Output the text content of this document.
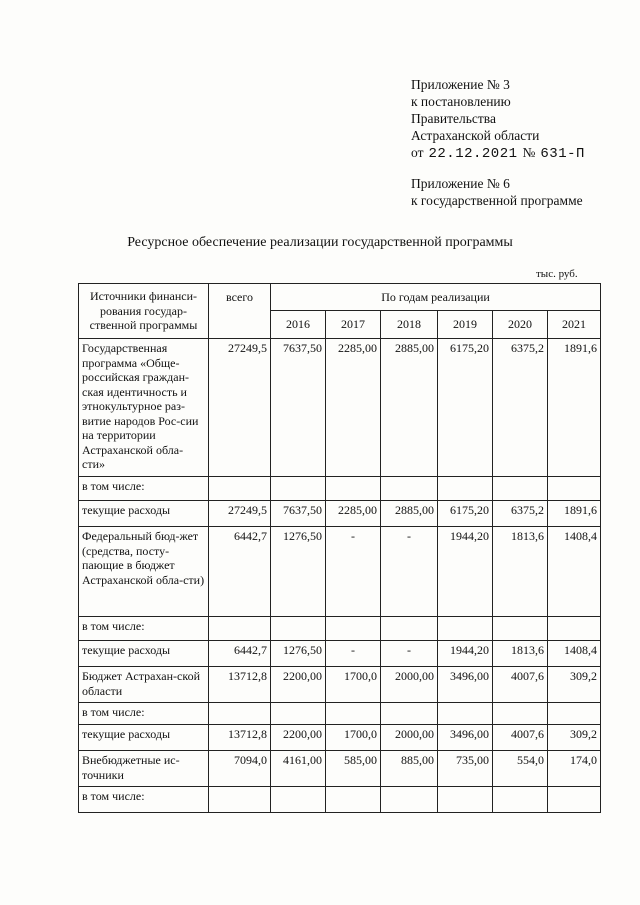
Приложение № 3
к постановлению
Правительства
Астраханской области
от 22.12.2021 № 631-П
Приложение № 6
к государственной программе
Ресурсное обеспечение реализации государственной программы
тыс. руб.
Источники финанси-рования государ-ственной программы	всего	По годам реализации					
		2016	2017	2018	2019	2020	2021
Государственная программа «Обще-российская граждан-ская идентичность и этнокультурное раз-витие народов Рос-сии на территории Астраханской обла-сти»	27249,5	7637,50	2285,00	2885,00	6175,20	6375,2	1891,6
в том числе:							
текущие расходы	27249,5	7637,50	2285,00	2885,00	6175,20	6375,2	1891,6
Федеральный бюд-жет (средства, посту-пающие в бюджет Астраханской обла-сти)	6442,7	1276,50	-	-	1944,20	1813,6	1408,4
в том числе:							
текущие расходы	6442,7	1276,50	-	-	1944,20	1813,6	1408,4
Бюджет Астрахан-ской области	13712,8	2200,00	1700,0	2000,00	3496,00	4007,6	309,2
в том числе:							
текущие расходы	13712,8	2200,00	1700,0	2000,00	3496,00	4007,6	309,2
Внебюджетные ис-точники	7094,0	4161,00	585,00	885,00	735,00	554,0	174,0
в том числе:							
